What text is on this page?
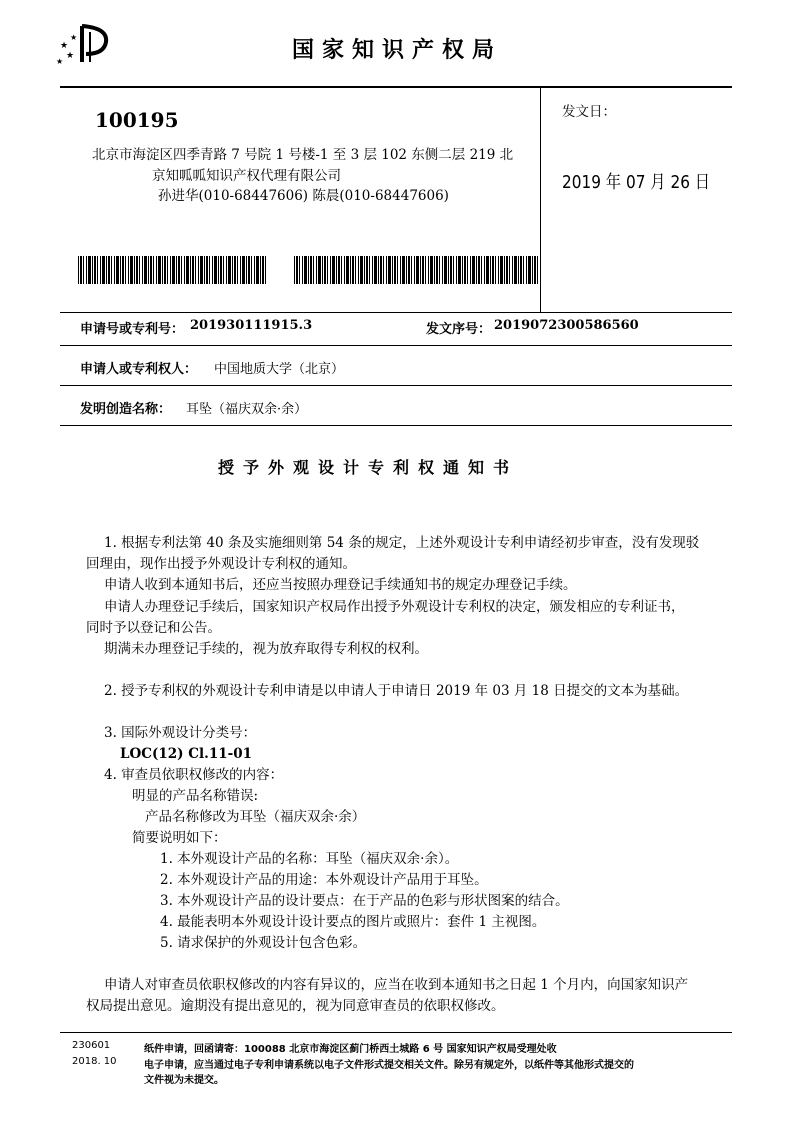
★
★
★
★	国家知识产权局
100195
北京市海淀区四季青路 7 号院 1 号楼-1 至 3 层 102 东侧二层 219 北
京知呱呱知识产权代理有限公司
孙进华(010-68447606) 陈晨(010-68447606)
发文日：
2019 年 07 月 26 日
申请号或专利号： 201930111915.3	发文序号： 2019072300586560
申请人或专利权人： 中国地质大学（北京）
发明创造名称： 耳坠（福庆双余·余）
授予外观设计专利权通知书
1. 根据专利法第 40 条及实施细则第 54 条的规定，上述外观设计专利申请经初步审查，没有发现驳
回理由，现作出授予外观设计专利权的通知。
申请人收到本通知书后，还应当按照办理登记手续通知书的规定办理登记手续。
申请人办理登记手续后，国家知识产权局作出授予外观设计专利权的决定，颁发相应的专利证书，
同时予以登记和公告。
期满未办理登记手续的，视为放弃取得专利权的权利。
2. 授予专利权的外观设计专利申请是以申请人于申请日 2019 年 03 月 18 日提交的文本为基础。
3. 国际外观设计分类号：
LOC(12) Cl.11-01
4. 审查员依职权修改的内容：
明显的产品名称错误:
产品名称修改为耳坠（福庆双余·余）
简要说明如下：
1. 本外观设计产品的名称：耳坠（福庆双余·余）。
2. 本外观设计产品的用途：本外观设计产品用于耳坠。
3. 本外观设计产品的设计要点：在于产品的色彩与形状图案的结合。
4. 最能表明本外观设计设计要点的图片或照片：套件 1 主视图。
5. 请求保护的外观设计包含色彩。
申请人对审查员依职权修改的内容有异议的，应当在收到本通知书之日起 1 个月内，向国家知识产
权局提出意见。逾期没有提出意见的，视为同意审查员的依职权修改。
230601
2018. 10
纸件申请，回函请寄：100088 北京市海淀区蓟门桥西土城路 6 号 国家知识产权局受理处收
电子申请，应当通过电子专利申请系统以电子文件形式提交相关文件。除另有规定外，以纸件等其他形式提交的
文件视为未提交。
